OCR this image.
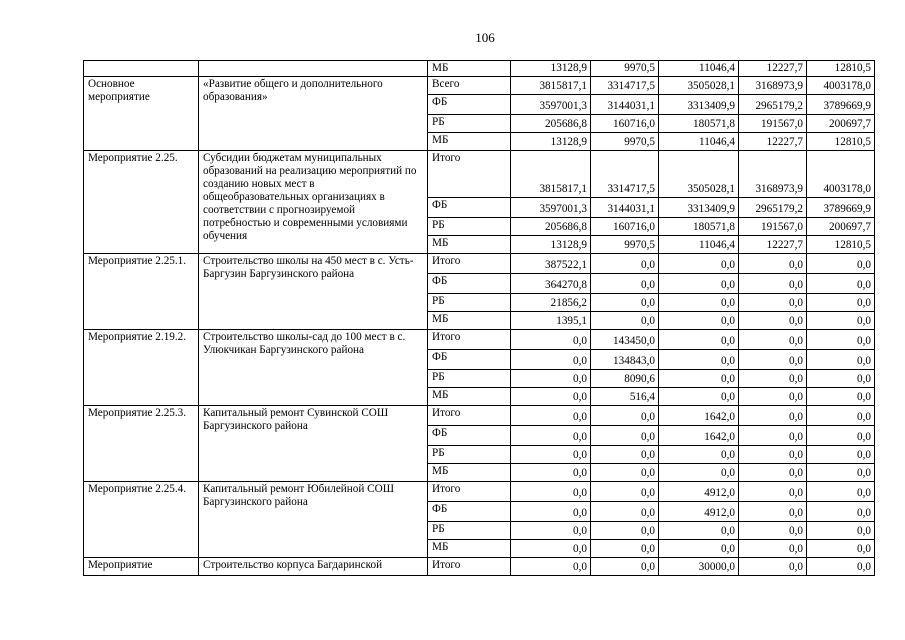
106
		МБ	13128,9	9970,5	11046,4	12227,7	12810,5
Основное мероприятие	«Развитие общего и дополнительного образования»	Всего	3815817,1	3314717,5	3505028,1	3168973,9	4003178,0
		ФБ	3597001,3	3144031,1	3313409,9	2965179,2	3789669,9
		РБ	205686,8	160716,0	180571,8	191567,0	200697,7
		МБ	13128,9	9970,5	11046,4	12227,7	12810,5
Мероприятие 2.25.	Субсидии бюджетам муниципальных образований на реализацию мероприятий по созданию новых мест в общеобразовательных организациях в соответствии с прогнозируемой потребностью и современными условиями обучения	Итого	3815817,1	3314717,5	3505028,1	3168973,9	4003178,0
		ФБ	3597001,3	3144031,1	3313409,9	2965179,2	3789669,9
		РБ	205686,8	160716,0	180571,8	191567,0	200697,7
		МБ	13128,9	9970,5	11046,4	12227,7	12810,5
Мероприятие 2.25.1.	Строительство школы на 450 мест в с. Усть-Баргузин Баргузинского района	Итого	387522,1	0,0	0,0	0,0	0,0
		ФБ	364270,8	0,0	0,0	0,0	0,0
		РБ	21856,2	0,0	0,0	0,0	0,0
		МБ	1395,1	0,0	0,0	0,0	0,0
Мероприятие 2.19.2.	Строительство школы-сад до 100 мест в с. Улюкчикан Баргузинского района	Итого	0,0	143450,0	0,0	0,0	0,0
		ФБ	0,0	134843,0	0,0	0,0	0,0
		РБ	0,0	8090,6	0,0	0,0	0,0
		МБ	0,0	516,4	0,0	0,0	0,0
Мероприятие 2.25.3.	Капитальный ремонт Сувинской СОШ Баргузинского района	Итого	0,0	0,0	1642,0	0,0	0,0
		ФБ	0,0	0,0	1642,0	0,0	0,0
		РБ	0,0	0,0	0,0	0,0	0,0
		МБ	0,0	0,0	0,0	0,0	0,0
Мероприятие 2.25.4.	Капитальный ремонт Юбилейной СОШ Баргузинского района	Итого	0,0	0,0	4912,0	0,0	0,0
		ФБ	0,0	0,0	4912,0	0,0	0,0
		РБ	0,0	0,0	0,0	0,0	0,0
		МБ	0,0	0,0	0,0	0,0	0,0
Мероприятие	Строительство корпуса Багдаринской	Итого	0,0	0,0	30000,0	0,0	0,0
